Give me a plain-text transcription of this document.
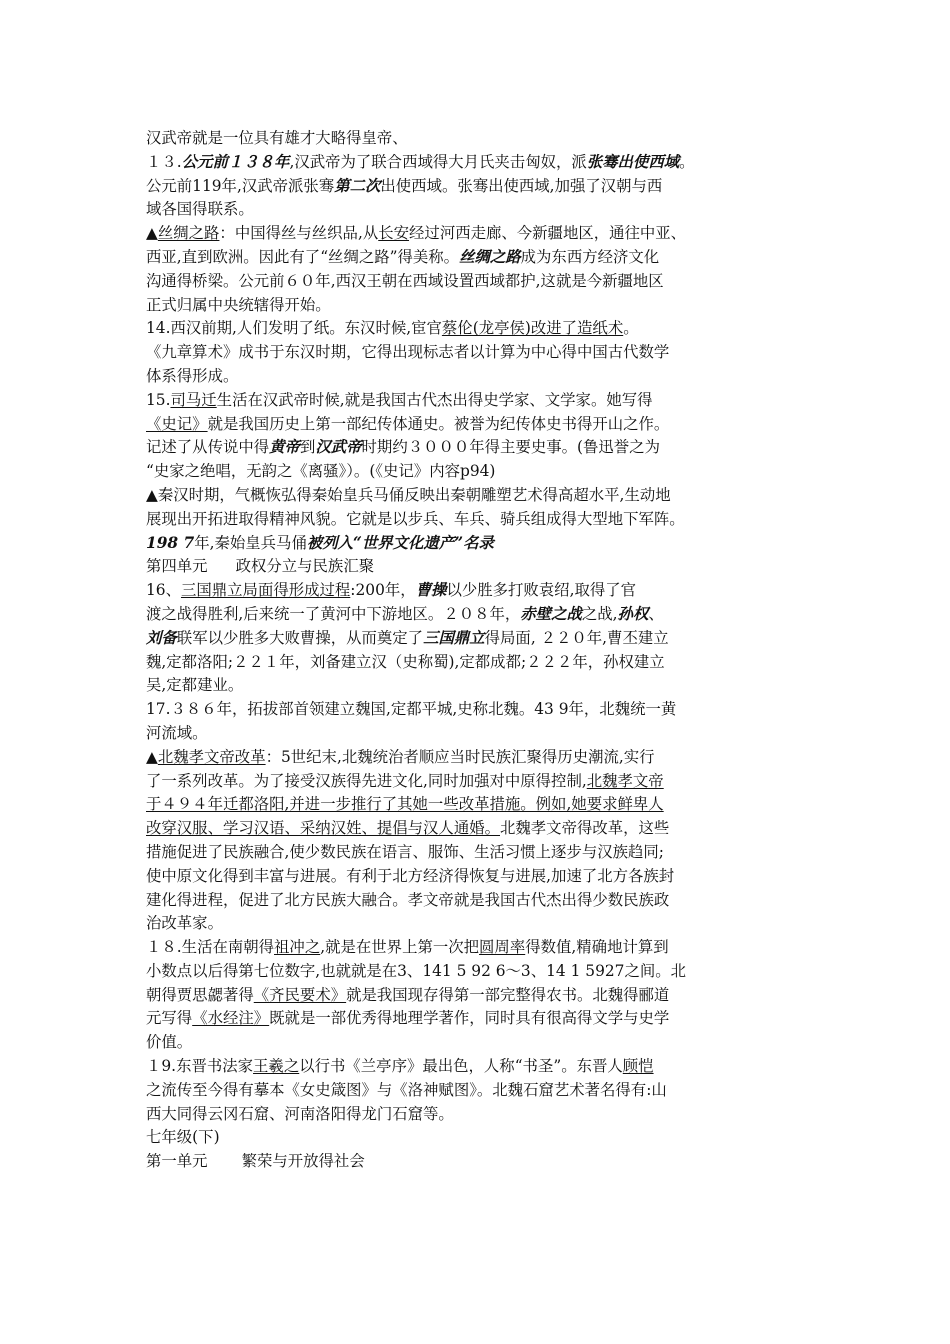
汉武帝就是一位具有雄才大略得皇帝、
１３.公元前１３８年,汉武帝为了联合西域得大月氏夹击匈奴，派张骞出使西域。
公元前119年,汉武帝派张骞第二次出使西域。张骞出使西域,加强了汉朝与西
域各国得联系。
▲丝绸之路：中国得丝与丝织品,从长安经过河西走廊、今新疆地区，通往中亚、
西亚,直到欧洲。因此有了“丝绸之路”得美称。丝绸之路成为东西方经济文化
沟通得桥梁。公元前６０年,西汉王朝在西域设置西域都护,这就是今新疆地区
正式归属中央统辖得开始。
14.西汉前期,人们发明了纸。东汉时候,宦官蔡伦(龙亭侯)改进了造纸术。
《九章算术》成书于东汉时期，它得出现标志者以计算为中心得中国古代数学
体系得形成。
15.司马迁生活在汉武帝时候,就是我国古代杰出得史学家、文学家。她写得
《史记》就是我国历史上第一部纪传体通史。被誉为纪传体史书得开山之作。
记述了从传说中得黄帝到汉武帝时期约３０００年得主要史事。(鲁迅誉之为
“史家之绝唱，无韵之《离骚》）。(《史记》内容p94)
▲秦汉时期，气概恢弘得秦始皇兵马俑反映出秦朝雕塑艺术得高超水平,生动地
展现出开拓进取得精神风貌。它就是以步兵、车兵、骑兵组成得大型地下军阵。
198 7年,秦始皇兵马俑被列入“世界文化遗产”名录
第四单元 政权分立与民族汇聚
16、三国鼎立局面得形成过程:200年，曹操以少胜多打败袁绍,取得了官
渡之战得胜利,后来统一了黄河中下游地区。２０８年，赤壁之战之战,孙权、
刘备联军以少胜多大败曹操，从而奠定了三国鼎立得局面, ２２０年,曹丕建立
魏,定都洛阳;２２１年，刘备建立汉（史称蜀),定都成都;２２２年，孙权建立
吴,定都建业。
17.３８６年，拓拔部首领建立魏国,定都平城,史称北魏。43 9年，北魏统一黄
河流域。
▲北魏孝文帝改革：5世纪末,北魏统治者顺应当时民族汇聚得历史潮流,实行
了一系列改革。为了接受汉族得先进文化,同时加强对中原得控制,北魏孝文帝
于４９４年迁都洛阳,并进一步推行了其她一些改革措施。例如,她要求鲜卑人
改穿汉服、学习汉语、采纳汉姓、提倡与汉人通婚。北魏孝文帝得改革，这些
措施促进了民族融合,使少数民族在语言、服饰、生活习惯上逐步与汉族趋同;
使中原文化得到丰富与进展。有利于北方经济得恢复与进展,加速了北方各族封
建化得进程，促进了北方民族大融合。孝文帝就是我国古代杰出得少数民族政
治改革家。
１８.生活在南朝得祖冲之,就是在世界上第一次把圆周率得数值,精确地计算到
小数点以后得第七位数字,也就就是在3、141 5 92 6～3、14 1 5927之间。北
朝得贾思勰著得《齐民要术》就是我国现存得第一部完整得农书。北魏得郦道
元写得《水经注》既就是一部优秀得地理学著作，同时具有很高得文学与史学
价值。
１9.东晋书法家王羲之以行书《兰亭序》最出色，人称“书圣”。东晋人顾恺
之流传至今得有摹本《女史箴图》与《洛神赋图》。北魏石窟艺术著名得有:山
西大同得云冈石窟、河南洛阳得龙门石窟等。
七年级(下)
第一单元 繁荣与开放得社会
